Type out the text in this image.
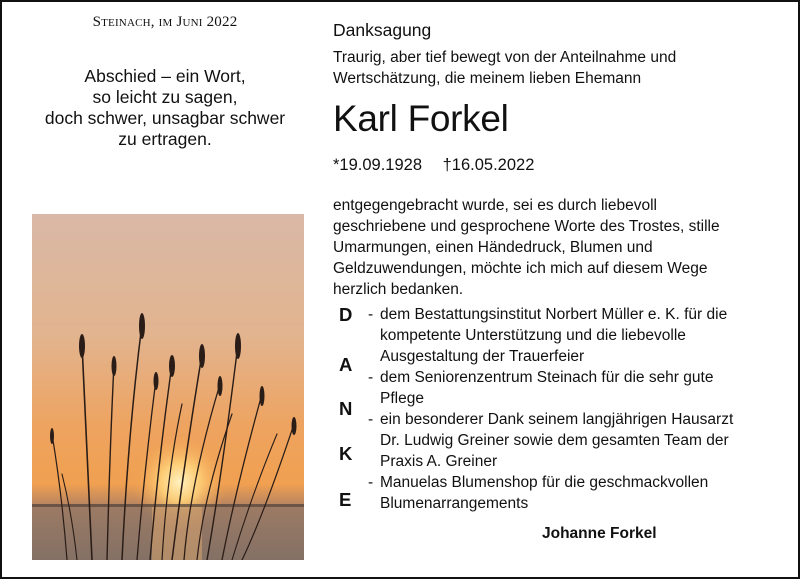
Steinach, im Juni 2022
Abschied – ein Wort,
so leicht zu sagen,
doch schwer, unsagbar schwer
zu ertragen.
Danksagung
Traurig, aber tief bewegt von der Anteilnahme und
Wertschätzung, die meinem lieben Ehemann
Karl Forkel
*19.09.1928 †16.05.2022
entgegengebracht wurde, sei es durch liebevoll
geschriebene und gesprochene Worte des Trostes, stille
Umarmungen, einen Händedruck, Blumen und
Geldzuwendungen, möchte ich mich auf diesem Wege
herzlich bedanken.
D
A
N
K
E
- dem Bestattungsinstitut Norbert Müller e. K. für die
kompetente Unterstützung und die liebevolle
Ausgestaltung der Trauerfeier
- dem Seniorenzentrum Steinach für die sehr gute
Pflege
- ein besonderer Dank seinem langjährigen Hausarzt
Dr. Ludwig Greiner sowie dem gesamten Team der
Praxis A. Greiner
- Manuelas Blumenshop für die geschmackvollen
Blumenarrangements
Johanne Forkel
